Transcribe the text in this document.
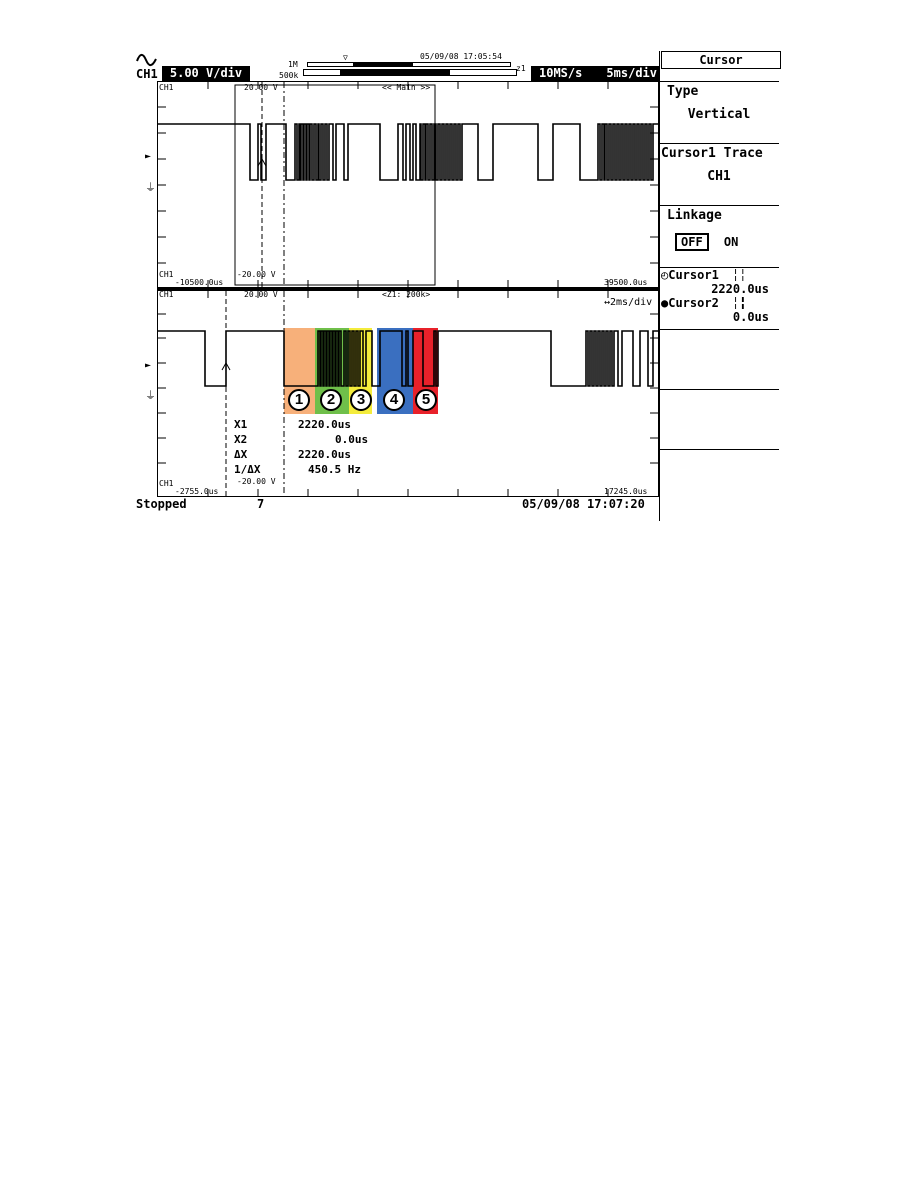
CH1	5.00 V/div
1M
500k
▽	05/09/08 17:05:54
z1	10MS/s 5ms/div
CH1	20.00 V	<< Main >>
CH1	-20.00 V
-10500.0us	39500.0us
►
⏚
CH1	20.00 V	<Z1: 200k>
↔2ms/div
CH1	-20.00 V
-2755.0us	17245.0us
1	2	3	4	5
X1	2220.0us
X2	0.0us
ΔX	2220.0us
1/ΔX	450.5 Hz
►
⏚
Stopped	7	05/09/08 17:07:20
Cursor
Type
Vertical
Cursor1 Trace
CH1
Linkage
OFF ON
◴Cursor1 ╎╎
2220.0us
●Cursor2 ╎╏
0.0us
